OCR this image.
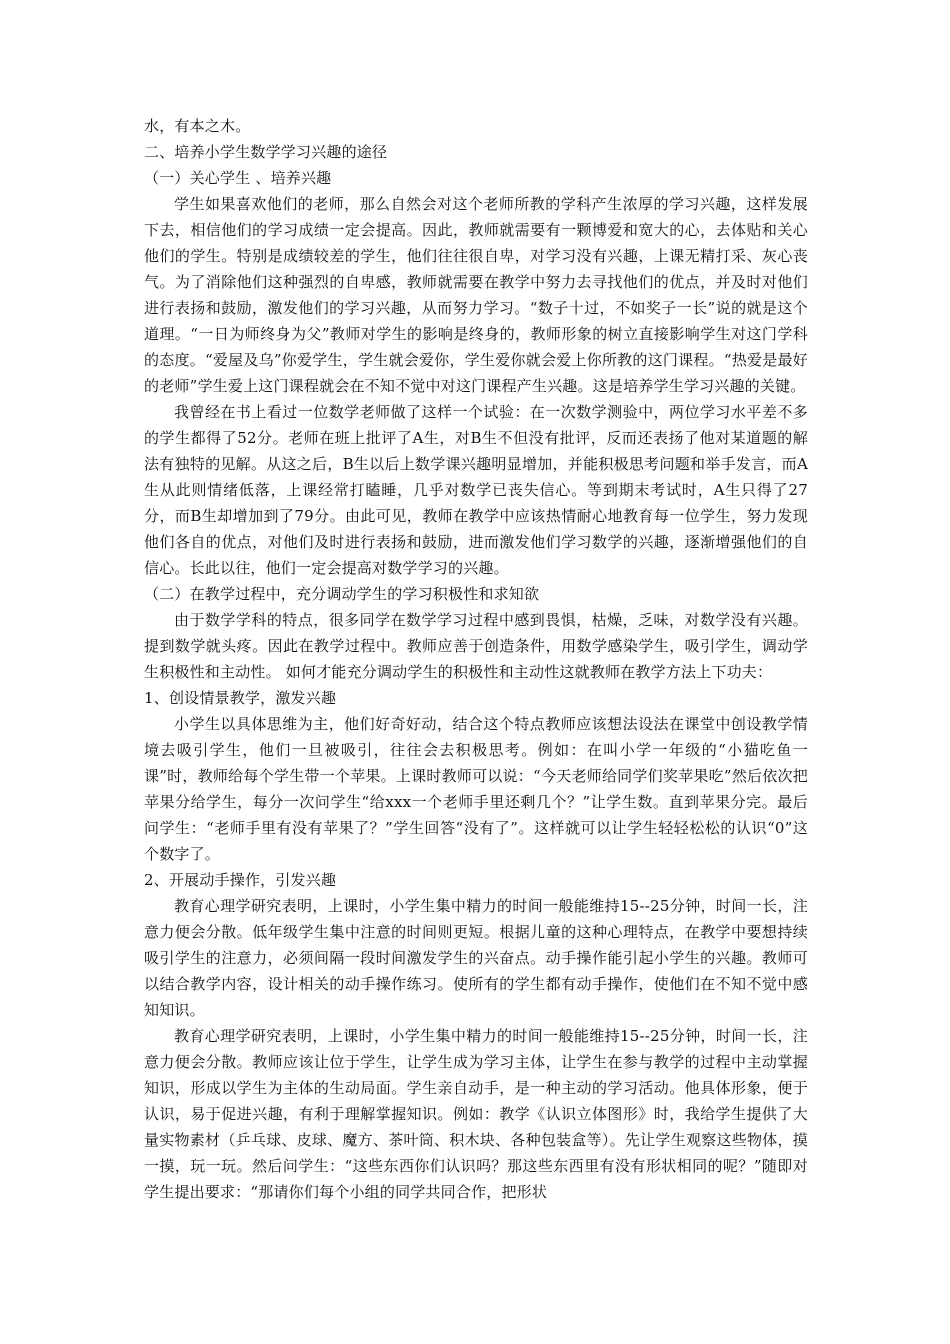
水，有本之木。

二、培养小学生数学学习兴趣的途径

（一）关心学生 、培养兴趣

学生如果喜欢他们的老师，那么自然会对这个老师所教的学科产生浓厚的学习兴趣，这样发展下去，相信他们的学习成绩一定会提高。因此，教师就需要有一颗博爱和宽大的心，去体贴和关心他们的学生。特别是成绩较差的学生，他们往往很自卑，对学习没有兴趣，上课无精打采、灰心丧气。为了消除他们这种强烈的自卑感，教师就需要在教学中努力去寻找他们的优点，并及时对他们进行表扬和鼓励，激发他们的学习兴趣，从而努力学习。“数子十过，不如奖子一长”说的就是这个道理。“一日为师终身为父”教师对学生的影响是终身的，教师形象的树立直接影响学生对这门学科的态度。“爱屋及乌”你爱学生，学生就会爱你，学生爱你就会爱上你所教的这门课程。“热爱是最好的老师”学生爱上这门课程就会在不知不觉中对这门课程产生兴趣。这是培养学生学习兴趣的关键。

我曾经在书上看过一位数学老师做了这样一个试验：在一次数学测验中，两位学习水平差不多的学生都得了52分。老师在班上批评了A生，对B生不但没有批评，反而还表扬了他对某道题的解法有独特的见解。从这之后，B生以后上数学课兴趣明显增加，并能积极思考问题和举手发言，而A生从此则情绪低落，上课经常打瞌睡，几乎对数学已丧失信心。等到期末考试时，A生只得了27分，而B生却增加到了79分。由此可见，教师在教学中应该热情耐心地教育每一位学生，努力发现他们各自的优点，对他们及时进行表扬和鼓励，进而激发他们学习数学的兴趣，逐渐增强他们的自信心。长此以往，他们一定会提高对数学学习的兴趣。

（二）在教学过程中，充分调动学生的学习积极性和求知欲

由于数学学科的特点，很多同学在数学学习过程中感到畏惧，枯燥，乏味，对数学没有兴趣。提到数学就头疼。因此在教学过程中。教师应善于创造条件，用数学感染学生，吸引学生，调动学生积极性和主动性。 如何才能充分调动学生的积极性和主动性这就教师在教学方法上下功夫：

1、创设情景教学，激发兴趣

小学生以具体思维为主，他们好奇好动，结合这个特点教师应该想法设法在课堂中创设教学情境去吸引学生，他们一旦被吸引，往往会去积极思考。例如：在叫小学一年级的“小猫吃鱼一课”时，教师给每个学生带一个苹果。上课时教师可以说：“今天老师给同学们奖苹果吃”然后依次把苹果分给学生，每分一次问学生“给xxx一个老师手里还剩几个？”让学生数。直到苹果分完。最后问学生：“老师手里有没有苹果了？”学生回答“没有了”。这样就可以让学生轻轻松松的认识“0”这个数字了。

2、开展动手操作，引发兴趣

教育心理学研究表明，上课时，小学生集中精力的时间一般能维持15--25分钟，时间一长，注意力便会分散。低年级学生集中注意的时间则更短。根据儿童的这种心理特点，在教学中要想持续吸引学生的注意力，必须间隔一段时间激发学生的兴奋点。动手操作能引起小学生的兴趣。教师可以结合教学内容，设计相关的动手操作练习。使所有的学生都有动手操作，使他们在不知不觉中感知知识。

教育心理学研究表明，上课时，小学生集中精力的时间一般能维持15--25分钟，时间一长，注意力便会分散。教师应该让位于学生，让学生成为学习主体，让学生在参与教学的过程中主动掌握知识，形成以学生为主体的生动局面。学生亲自动手，是一种主动的学习活动。他具体形象，便于认识，易于促进兴趣，有利于理解掌握知识。例如：教学《认识立体图形》时，我给学生提供了大量实物素材（乒乓球、皮球、魔方、茶叶筒、积木块、各种包装盒等）。先让学生观察这些物体，摸一摸，玩一玩。然后问学生：“这些东西你们认识吗？那这些东西里有没有形状相同的呢？”随即对学生提出要求：“那请你们每个小组的同学共同合作，把形状
